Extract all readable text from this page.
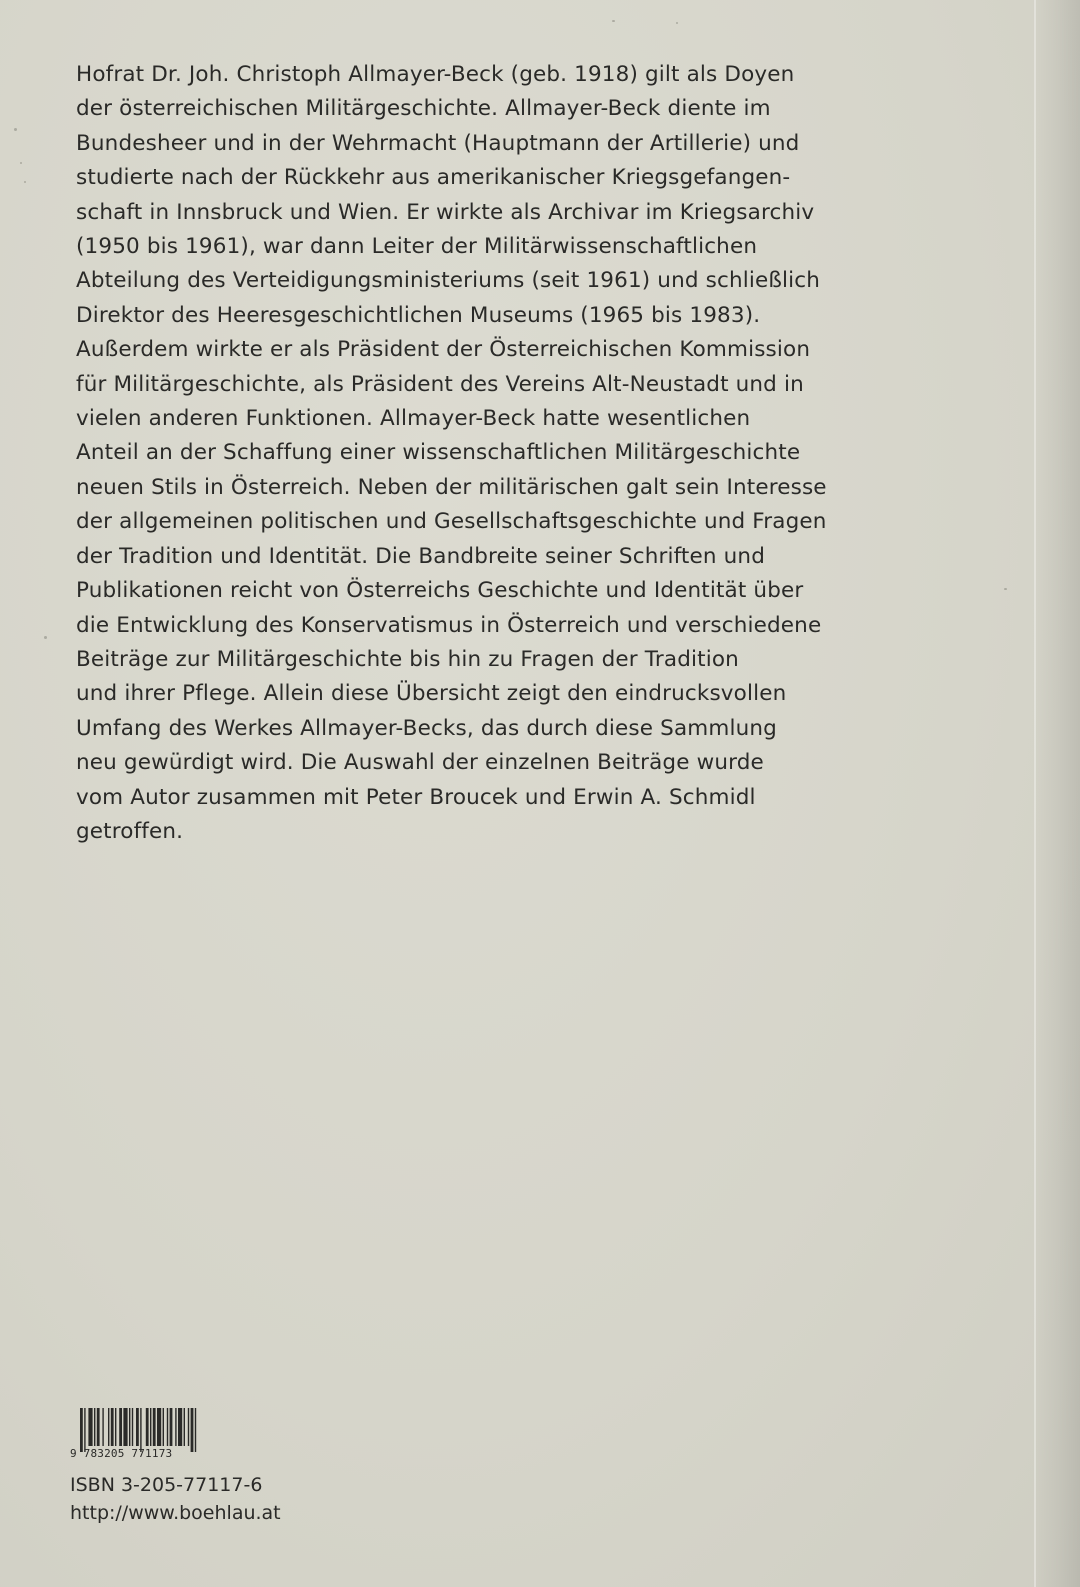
Hofrat Dr. Joh. Christoph Allmayer-Beck (geb. 1918) gilt als Doyen
der österreichischen Militärgeschichte. Allmayer-Beck diente im
Bundesheer und in der Wehrmacht (Hauptmann der Artillerie) und
studierte nach der Rückkehr aus amerikanischer Kriegsgefangen-
schaft in Innsbruck und Wien. Er wirkte als Archivar im Kriegsarchiv
(1950 bis 1961), war dann Leiter der Militärwissenschaftlichen
Abteilung des Verteidigungsministeriums (seit 1961) und schließlich
Direktor des Heeresgeschichtlichen Museums (1965 bis 1983).
Außerdem wirkte er als Präsident der Österreichischen Kommission
für Militärgeschichte, als Präsident des Vereins Alt-Neustadt und in
vielen anderen Funktionen. Allmayer-Beck hatte wesentlichen
Anteil an der Schaffung einer wissenschaftlichen Militärgeschichte
neuen Stils in Österreich. Neben der militärischen galt sein Interesse
der allgemeinen politischen und Gesellschaftsgeschichte und Fragen
der Tradition und Identität. Die Bandbreite seiner Schriften und
Publikationen reicht von Österreichs Geschichte und Identität über
die Entwicklung des Konservatismus in Österreich und verschiedene
Beiträge zur Militärgeschichte bis hin zu Fragen der Tradition
und ihrer Pflege. Allein diese Übersicht zeigt den eindrucksvollen
Umfang des Werkes Allmayer-Becks, das durch diese Sammlung
neu gewürdigt wird. Die Auswahl der einzelnen Beiträge wurde
vom Autor zusammen mit Peter Broucek und Erwin A. Schmidl
getroffen.

9 783205 771173
ISBN 3-205-77117-6
http://www.boehlau.at
